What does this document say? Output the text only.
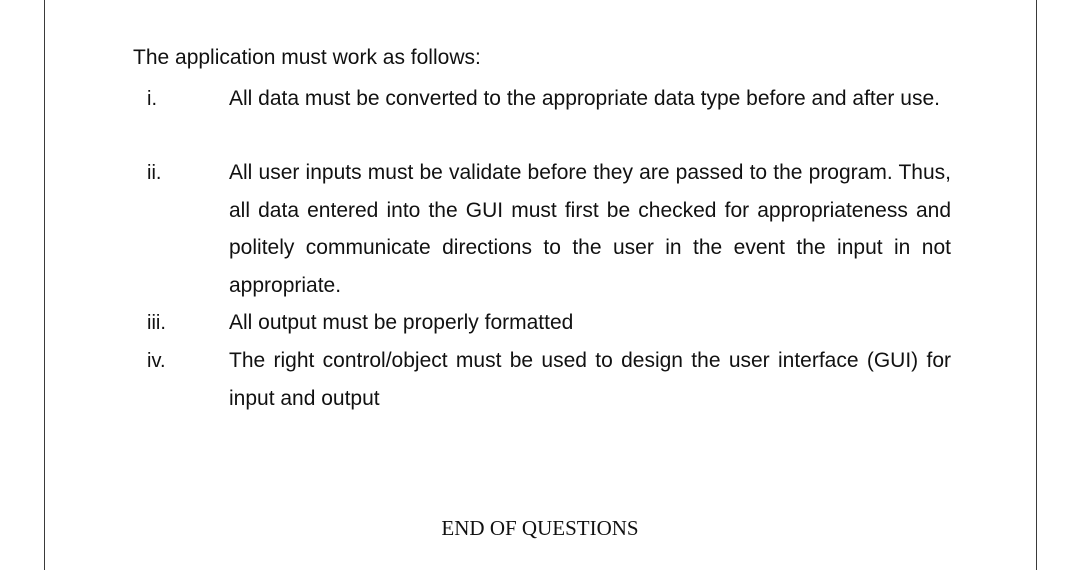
The application must work as follows:
i.	All data must be converted to the appropriate data type before and after use.
ii.	All user inputs must be validate before they are passed to the program. Thus, all data entered into the GUI must first be checked for appropriateness and politely communicate directions to the user in the event the input in not appropriate.
iii.	All output must be properly formatted
iv.	The right control/object must be used to design the user interface (GUI) for input and output
END OF QUESTIONS
